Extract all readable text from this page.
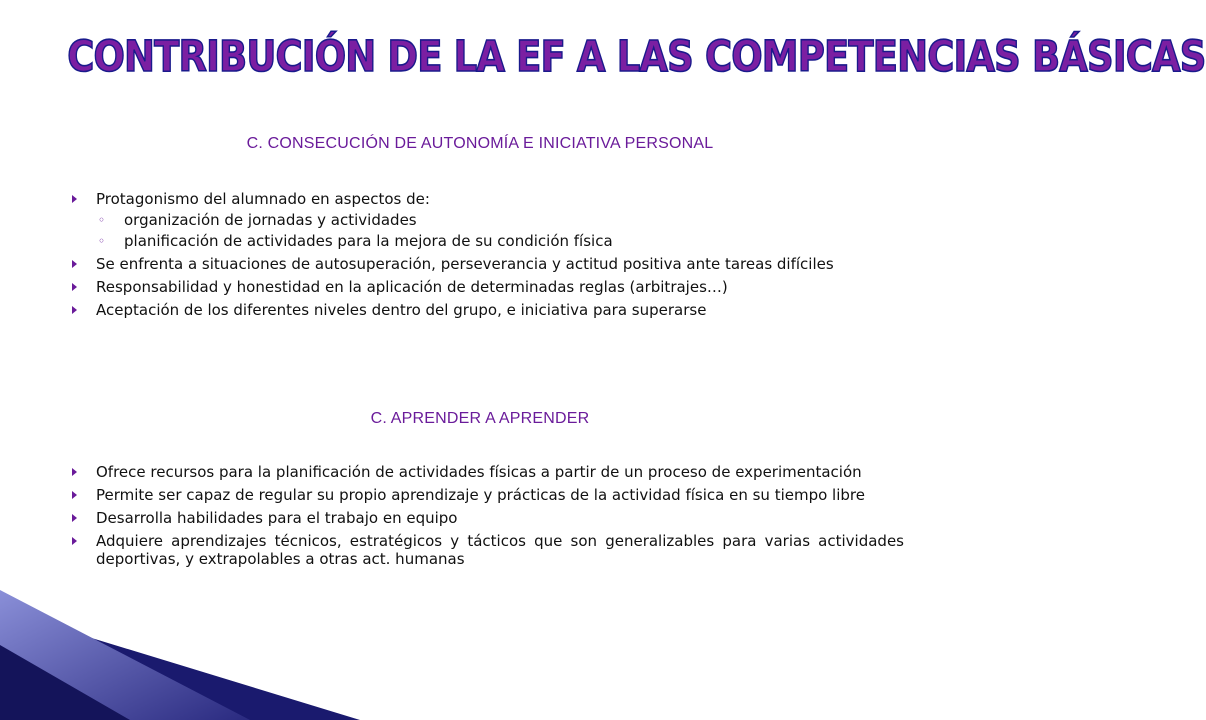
CONTRIBUCIÓN DE LA EF A LAS COMPETENCIAS BÁSICAS
C. CONSECUCIÓN DE AUTONOMÍA E INICIATIVA PERSONAL
Protagonismo del alumnado en aspectos de:
◦ organización de jornadas y actividades
◦ planificación de actividades para la mejora de su condición física
Se enfrenta a situaciones de autosuperación, perseverancia y actitud positiva ante tareas difíciles
Responsabilidad y honestidad en la aplicación de determinadas reglas (arbitrajes…)
Aceptación de los diferentes niveles dentro del grupo, e iniciativa para superarse
C. APRENDER A APRENDER
Ofrece recursos para la planificación de actividades físicas a partir de un proceso de experimentación
Permite ser capaz de regular su propio aprendizaje y prácticas de la actividad física en su tiempo libre
Desarrolla habilidades para el trabajo en equipo
Adquiere aprendizajes técnicos, estratégicos y tácticos que son generalizables para varias actividades deportivas, y extrapolables a otras act. humanas
